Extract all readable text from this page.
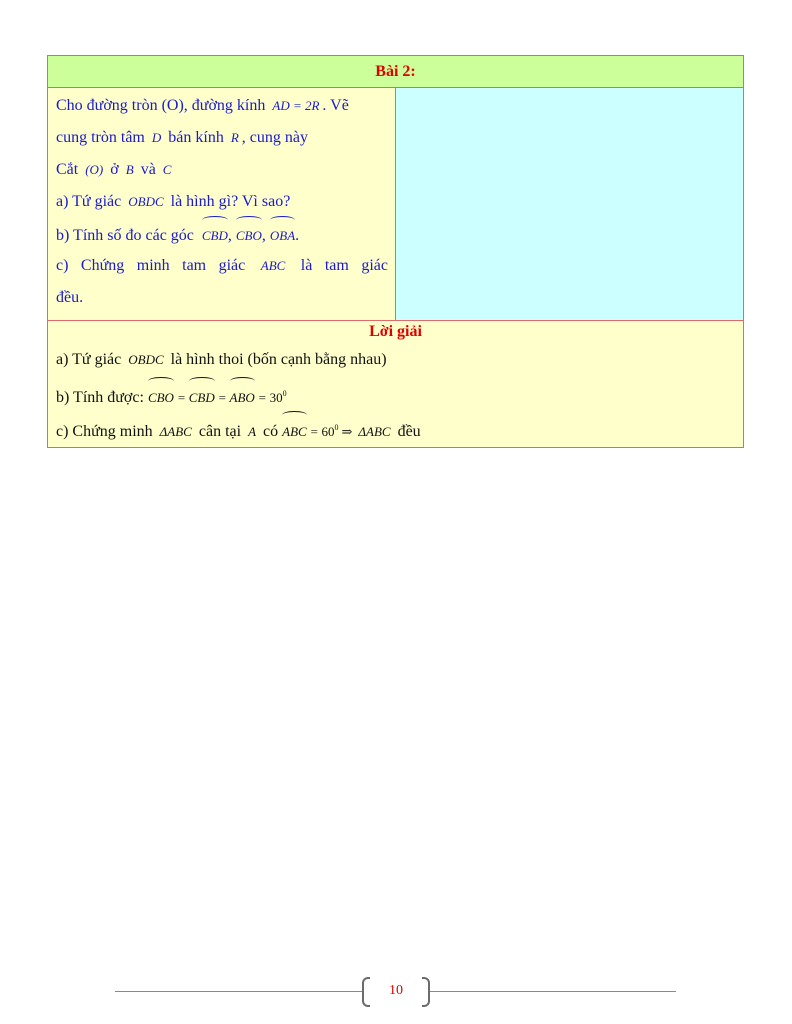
Bài 2:

Cho đường tròn (O), đường kính AD = 2R . Vẽ
cung tròn tâm D bán kính R , cung này
Cắt (O) ở B và C
a) Tứ giác OBDC là hình gì? Vì sao?
b) Tính số đo các góc CBD, CBO, OBA.
c) Chứng minh tam giác ABC là tam giác
đều.

Lời giải
a) Tứ giác OBDC là hình thoi (bốn cạnh bằng nhau)
b) Tính được: CBO = CBD = ABO = $30^0$
c) Chứng minh ΔABC cân tại A có ABC = $60^0$ ⇒ ΔABC đều
10
